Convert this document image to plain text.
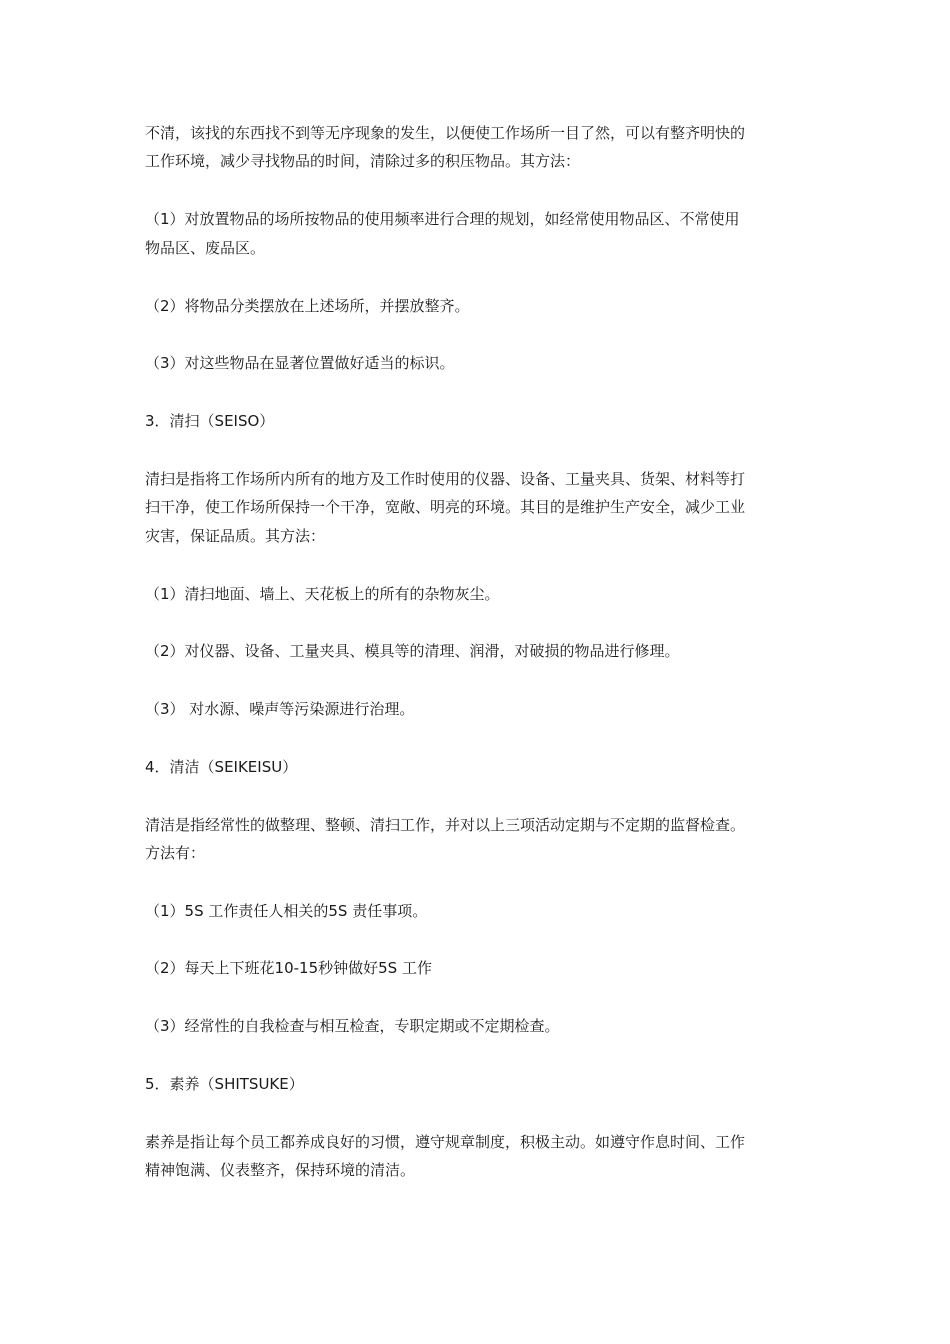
不清，该找的东西找不到等无序现象的发生，以便使工作场所一目了然，可以有整齐明快的
工作环境，减少寻找物品的时间，清除过多的积压物品。其方法：
（1）对放置物品的场所按物品的使用频率进行合理的规划，如经常使用物品区、不常使用
物品区、废品区。
（2）将物品分类摆放在上述场所，并摆放整齐。
（3）对这些物品在显著位置做好适当的标识。
3．清扫（SEISO）
清扫是指将工作场所内所有的地方及工作时使用的仪器、设备、工量夹具、货架、材料等打
扫干净，使工作场所保持一个干净，宽敞、明亮的环境。其目的是维护生产安全，减少工业
灾害，保证品质。其方法：
（1）清扫地面、墙上、天花板上的所有的杂物灰尘。
（2）对仪器、设备、工量夹具、模具等的清理、润滑，对破损的物品进行修理。
（3） 对水源、噪声等污染源进行治理。
4．清洁（SEIKEISU）
清洁是指经常性的做整理、整顿、清扫工作，并对以上三项活动定期与不定期的监督检查。
方法有：
（1）5S 工作责任人相关的5S 责任事项。
（2）每天上下班花10-15秒钟做好5S 工作
（3）经常性的自我检查与相互检查，专职定期或不定期检查。
5．素养（SHITSUKE）
素养是指让每个员工都养成良好的习惯，遵守规章制度，积极主动。如遵守作息时间、工作
精神饱满、仪表整齐，保持环境的清洁。
